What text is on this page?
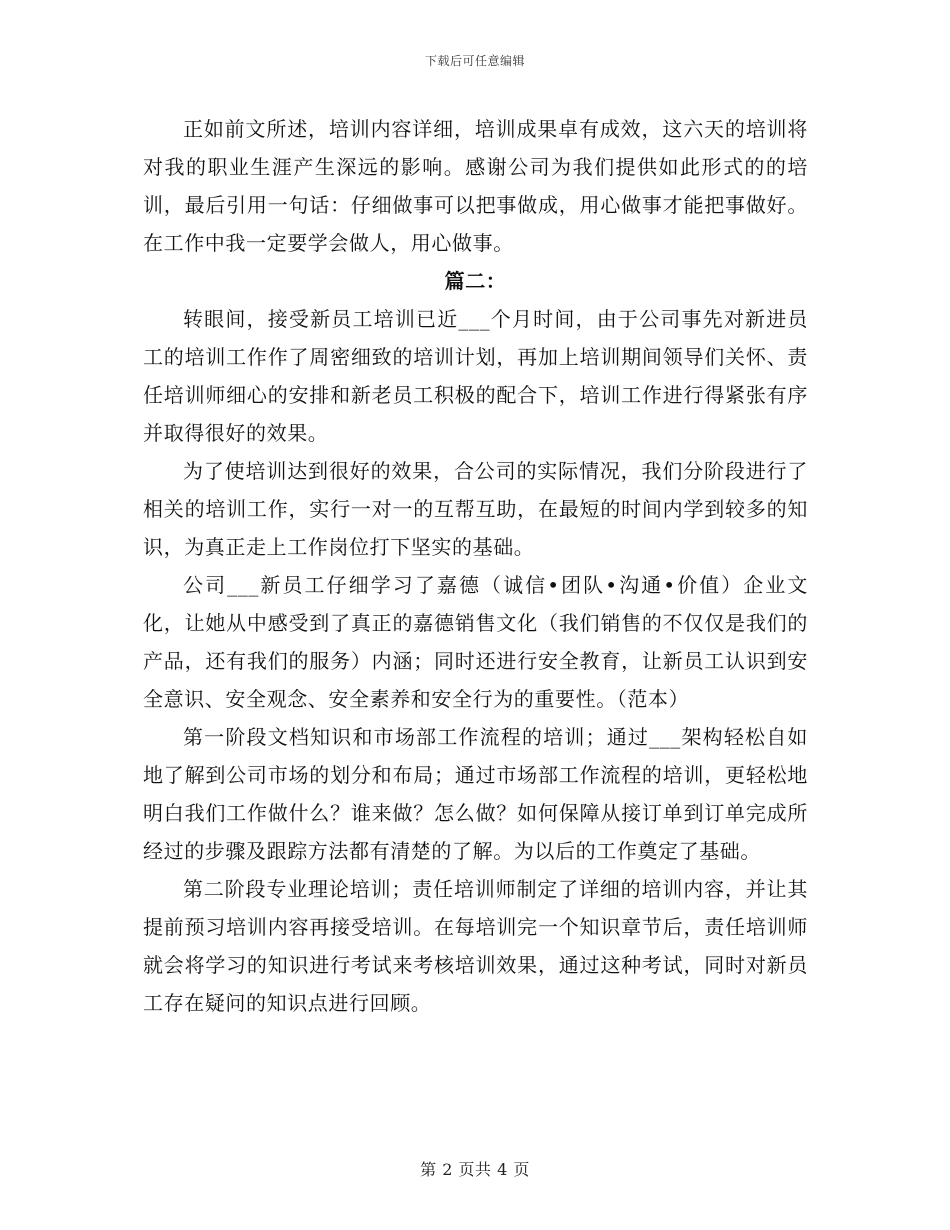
下载后可任意编辑

正如前文所述，培训内容详细，培训成果卓有成效，这六天的培训将对我的职业生涯产生深远的影响。感谢公司为我们提供如此形式的的培训，最后引用一句话：仔细做事可以把事做成，用心做事才能把事做好。在工作中我一定要学会做人，用心做事。

篇二：

转眼间，接受新员工培训已近___个月时间，由于公司事先对新进员工的培训工作作了周密细致的培训计划，再加上培训期间领导们关怀、责任培训师细心的安排和新老员工积极的配合下，培训工作进行得紧张有序并取得很好的效果。

为了使培训达到很好的效果，合公司的实际情况，我们分阶段进行了相关的培训工作，实行一对一的互帮互助，在最短的时间内学到较多的知识，为真正走上工作岗位打下坚实的基础。

公司___新员工仔细学习了嘉德（诚信•团队•沟通•价值）企业文化，让她从中感受到了真正的嘉德销售文化（我们销售的不仅仅是我们的产品，还有我们的服务）内涵；同时还进行安全教育，让新员工认识到安全意识、安全观念、安全素养和安全行为的重要性。（范本）

第一阶段文档知识和市场部工作流程的培训；通过___架构轻松自如地了解到公司市场的划分和布局；通过市场部工作流程的培训，更轻松地明白我们工作做什么？谁来做？怎么做？如何保障从接订单到订单完成所经过的步骤及跟踪方法都有清楚的了解。为以后的工作奠定了基础。

第二阶段专业理论培训；责任培训师制定了详细的培训内容，并让其提前预习培训内容再接受培训。在每培训完一个知识章节后，责任培训师就会将学习的知识进行考试来考核培训效果，通过这种考试，同时对新员工存在疑问的知识点进行回顾。

第 2 页共 4 页
